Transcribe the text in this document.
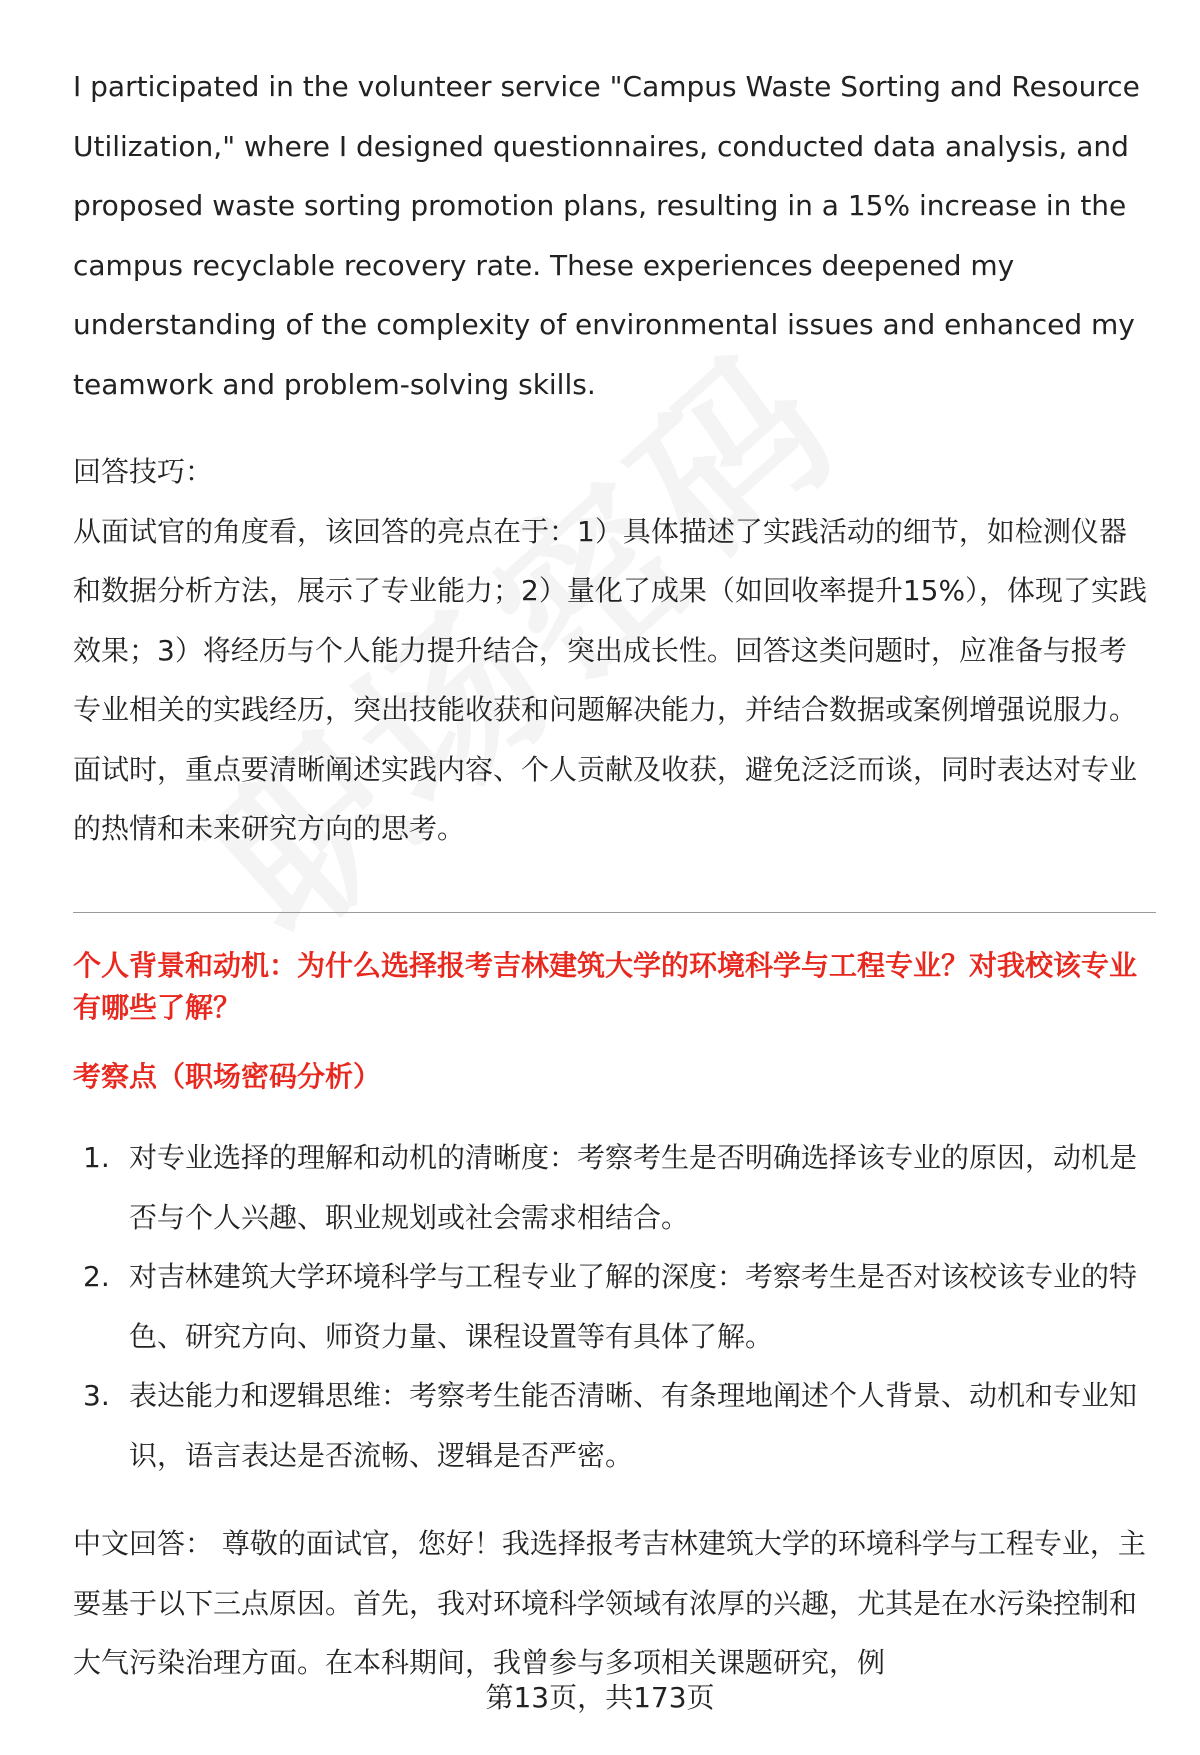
I participated in the volunteer service "Campus Waste Sorting and Resource Utilization," where I designed questionnaires, conducted data analysis, and proposed waste sorting promotion plans, resulting in a 15% increase in the campus recyclable recovery rate. These experiences deepened my understanding of the complexity of environmental issues and enhanced my teamwork and problem-solving skills.

回答技巧：

从面试官的角度看，该回答的亮点在于：1）具体描述了实践活动的细节，如检测仪器和数据分析方法，展示了专业能力；2）量化了成果（如回收率提升15%），体现了实践效果；3）将经历与个人能力提升结合，突出成长性。回答这类问题时，应准备与报考专业相关的实践经历，突出技能收获和问题解决能力，并结合数据或案例增强说服力。面试时，重点要清晰阐述实践内容、个人贡献及收获，避免泛泛而谈，同时表达对专业的热情和未来研究方向的思考。

个人背景和动机：为什么选择报考吉林建筑大学的环境科学与工程专业？对我校该专业有哪些了解？
考察点（职场密码分析）
1. 对专业选择的理解和动机的清晰度：考察考生是否明确选择该专业的原因，动机是否与个人兴趣、职业规划或社会需求相结合。
2. 对吉林建筑大学环境科学与工程专业了解的深度：考察考生是否对该校该专业的特色、研究方向、师资力量、课程设置等有具体了解。
3. 表达能力和逻辑思维：考察考生能否清晰、有条理地阐述个人背景、动机和专业知识，语言表达是否流畅、逻辑是否严密。
中文回答： 尊敬的面试官，您好！我选择报考吉林建筑大学的环境科学与工程专业，主要基于以下三点原因。首先，我对环境科学领域有浓厚的兴趣，尤其是在水污染控制和大气污染治理方面。在本科期间，我曾参与多项相关课题研究，例
第13页，共173页
